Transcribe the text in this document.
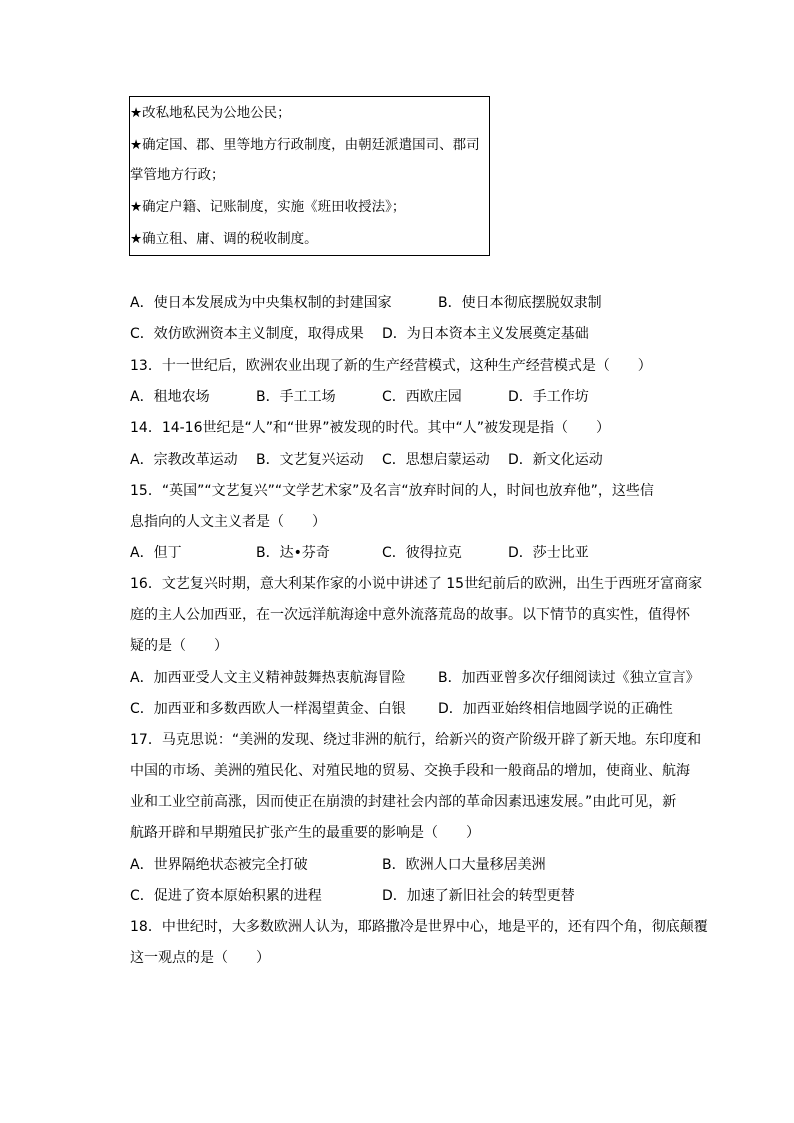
★改私地私民为公地公民；
★确定国、郡、里等地方行政制度，由朝廷派遣国司、郡司
掌管地方行政；
★确定户籍、记账制度，实施《班田收授法》；
★确立租、庸、调的税收制度。
A．使日本发展成为中央集权制的封建国家	B．使日本彻底摆脱奴隶制
C．效仿欧洲资本主义制度，取得成果 D．为日本资本主义发展奠定基础
13．十一世纪后，欧洲农业出现了新的生产经营模式，这种生产经营模式是（　　）
A．租地农场	B．手工工场	C．西欧庄园	D．手工作坊
14．14-16世纪是“人”和“世界”被发现的时代。其中“人”被发现是指（　　）
A．宗教改革运动 B．文艺复兴运动 C．思想启蒙运动 D．新文化运动
15．“英国”“文艺复兴”“文学艺术家”及名言“放弃时间的人，时间也放弃他”，这些信
息指向的人文主义者是（　　）
A．但丁	B．达•芬奇	C．彼得拉克	D．莎士比亚
16．文艺复兴时期，意大利某作家的小说中讲述了 15世纪前后的欧洲，出生于西班牙富商家
庭的主人公加西亚，在一次远洋航海途中意外流落荒岛的故事。以下情节的真实性，值得怀
疑的是（　　）
A．加西亚受人文主义精神鼓舞热衷航海冒险 B．加西亚曾多次仔细阅读过《独立宣言》
C．加西亚和多数西欧人一样渴望黄金、白银 D．加西亚始终相信地圆学说的正确性
17．马克思说：“美洲的发现、绕过非洲的航行，给新兴的资产阶级开辟了新天地。东印度和
中国的市场、美洲的殖民化、对殖民地的贸易、交换手段和一般商品的增加，使商业、航海
业和工业空前高涨，因而使正在崩溃的封建社会内部的革命因素迅速发展。”由此可见，新
航路开辟和早期殖民扩张产生的最重要的影响是（　　）
A．世界隔绝状态被完全打破	B．欧洲人口大量移居美洲
C．促进了资本原始积累的进程	D．加速了新旧社会的转型更替
18．中世纪时，大多数欧洲人认为，耶路撒冷是世界中心，地是平的，还有四个角，彻底颠覆
这一观点的是（　　）
